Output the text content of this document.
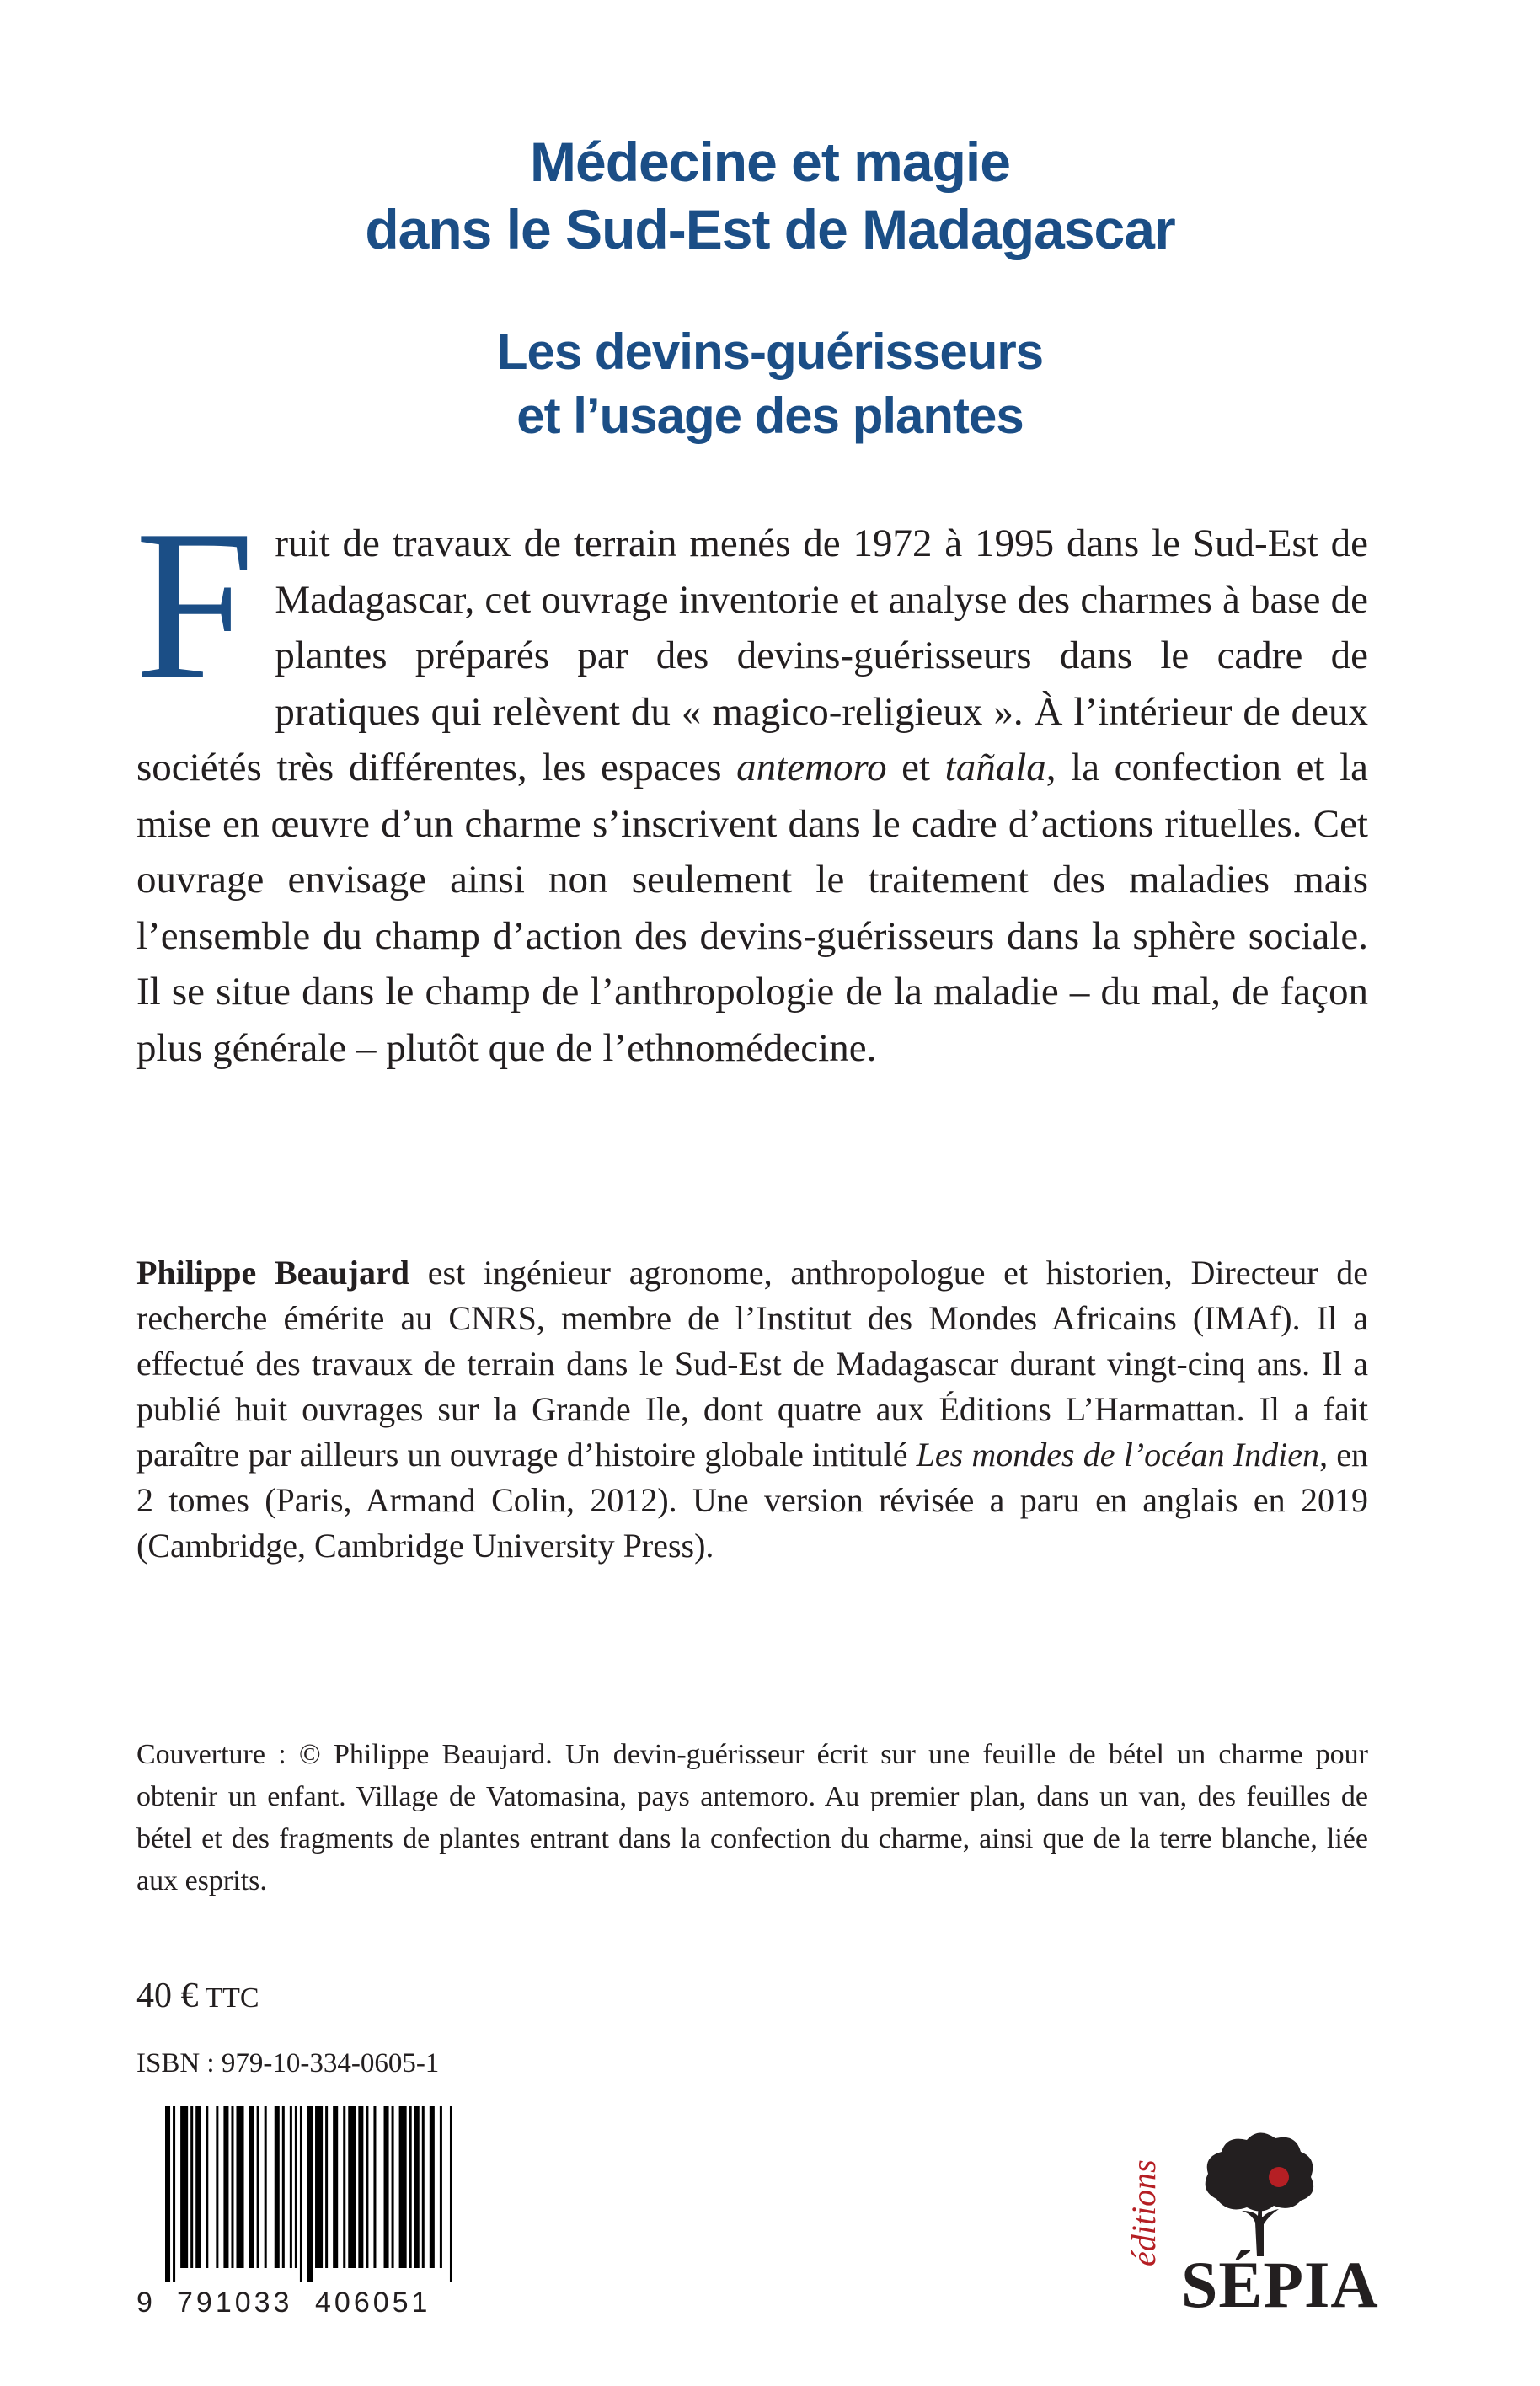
Médecine et magie
dans le Sud-Est de Madagascar
Les devins-guérisseurs
et l’usage des plantes

Fruit de travaux de terrain menés de 1972 à 1995 dans le Sud-Est de Madagascar, cet ouvrage inventorie et analyse des charmes à base de plantes préparés par des devins-guérisseurs dans le cadre de pratiques qui relèvent du « magico-religieux ». À l’intérieur de deux sociétés très différentes, les espaces antemoro et tañala, la confection et la mise en œuvre d’un charme s’inscrivent dans le cadre d’actions rituelles. Cet ouvrage envisage ainsi non seulement le traitement des maladies mais l’ensemble du champ d’action des devins-guérisseurs dans la sphère sociale. Il se situe dans le champ de l’anthropologie de la maladie – du mal, de façon plus générale – plutôt que de l’ethnomédecine.

Philippe Beaujard est ingénieur agronome, anthropologue et historien, Directeur de recherche émérite au CNRS, membre de l’Institut des Mondes Africains (IMAf). Il a effectué des travaux de terrain dans le Sud-Est de Madagascar durant vingt-cinq ans. Il a publié huit ouvrages sur la Grande Ile, dont quatre aux Éditions L’Harmattan. Il a fait paraître par ailleurs un ouvrage d’histoire globale intitulé Les mondes de l’océan Indien, en 2 tomes (Paris, Armand Colin, 2012). Une version révisée a paru en anglais en 2019 (Cambridge, Cambridge University Press).

Couverture : © Philippe Beaujard. Un devin-guérisseur écrit sur une feuille de bétel un charme pour obtenir un enfant. Village de Vatomasina, pays antemoro. Au premier plan, dans un van, des feuilles de bétel et des fragments de plantes entrant dans la confection du charme, ainsi que de la terre blanche, liée aux esprits.

40 € TTC
ISBN : 979-10-334-0605-1
9 791033 406051
éditions
SÉPIA
